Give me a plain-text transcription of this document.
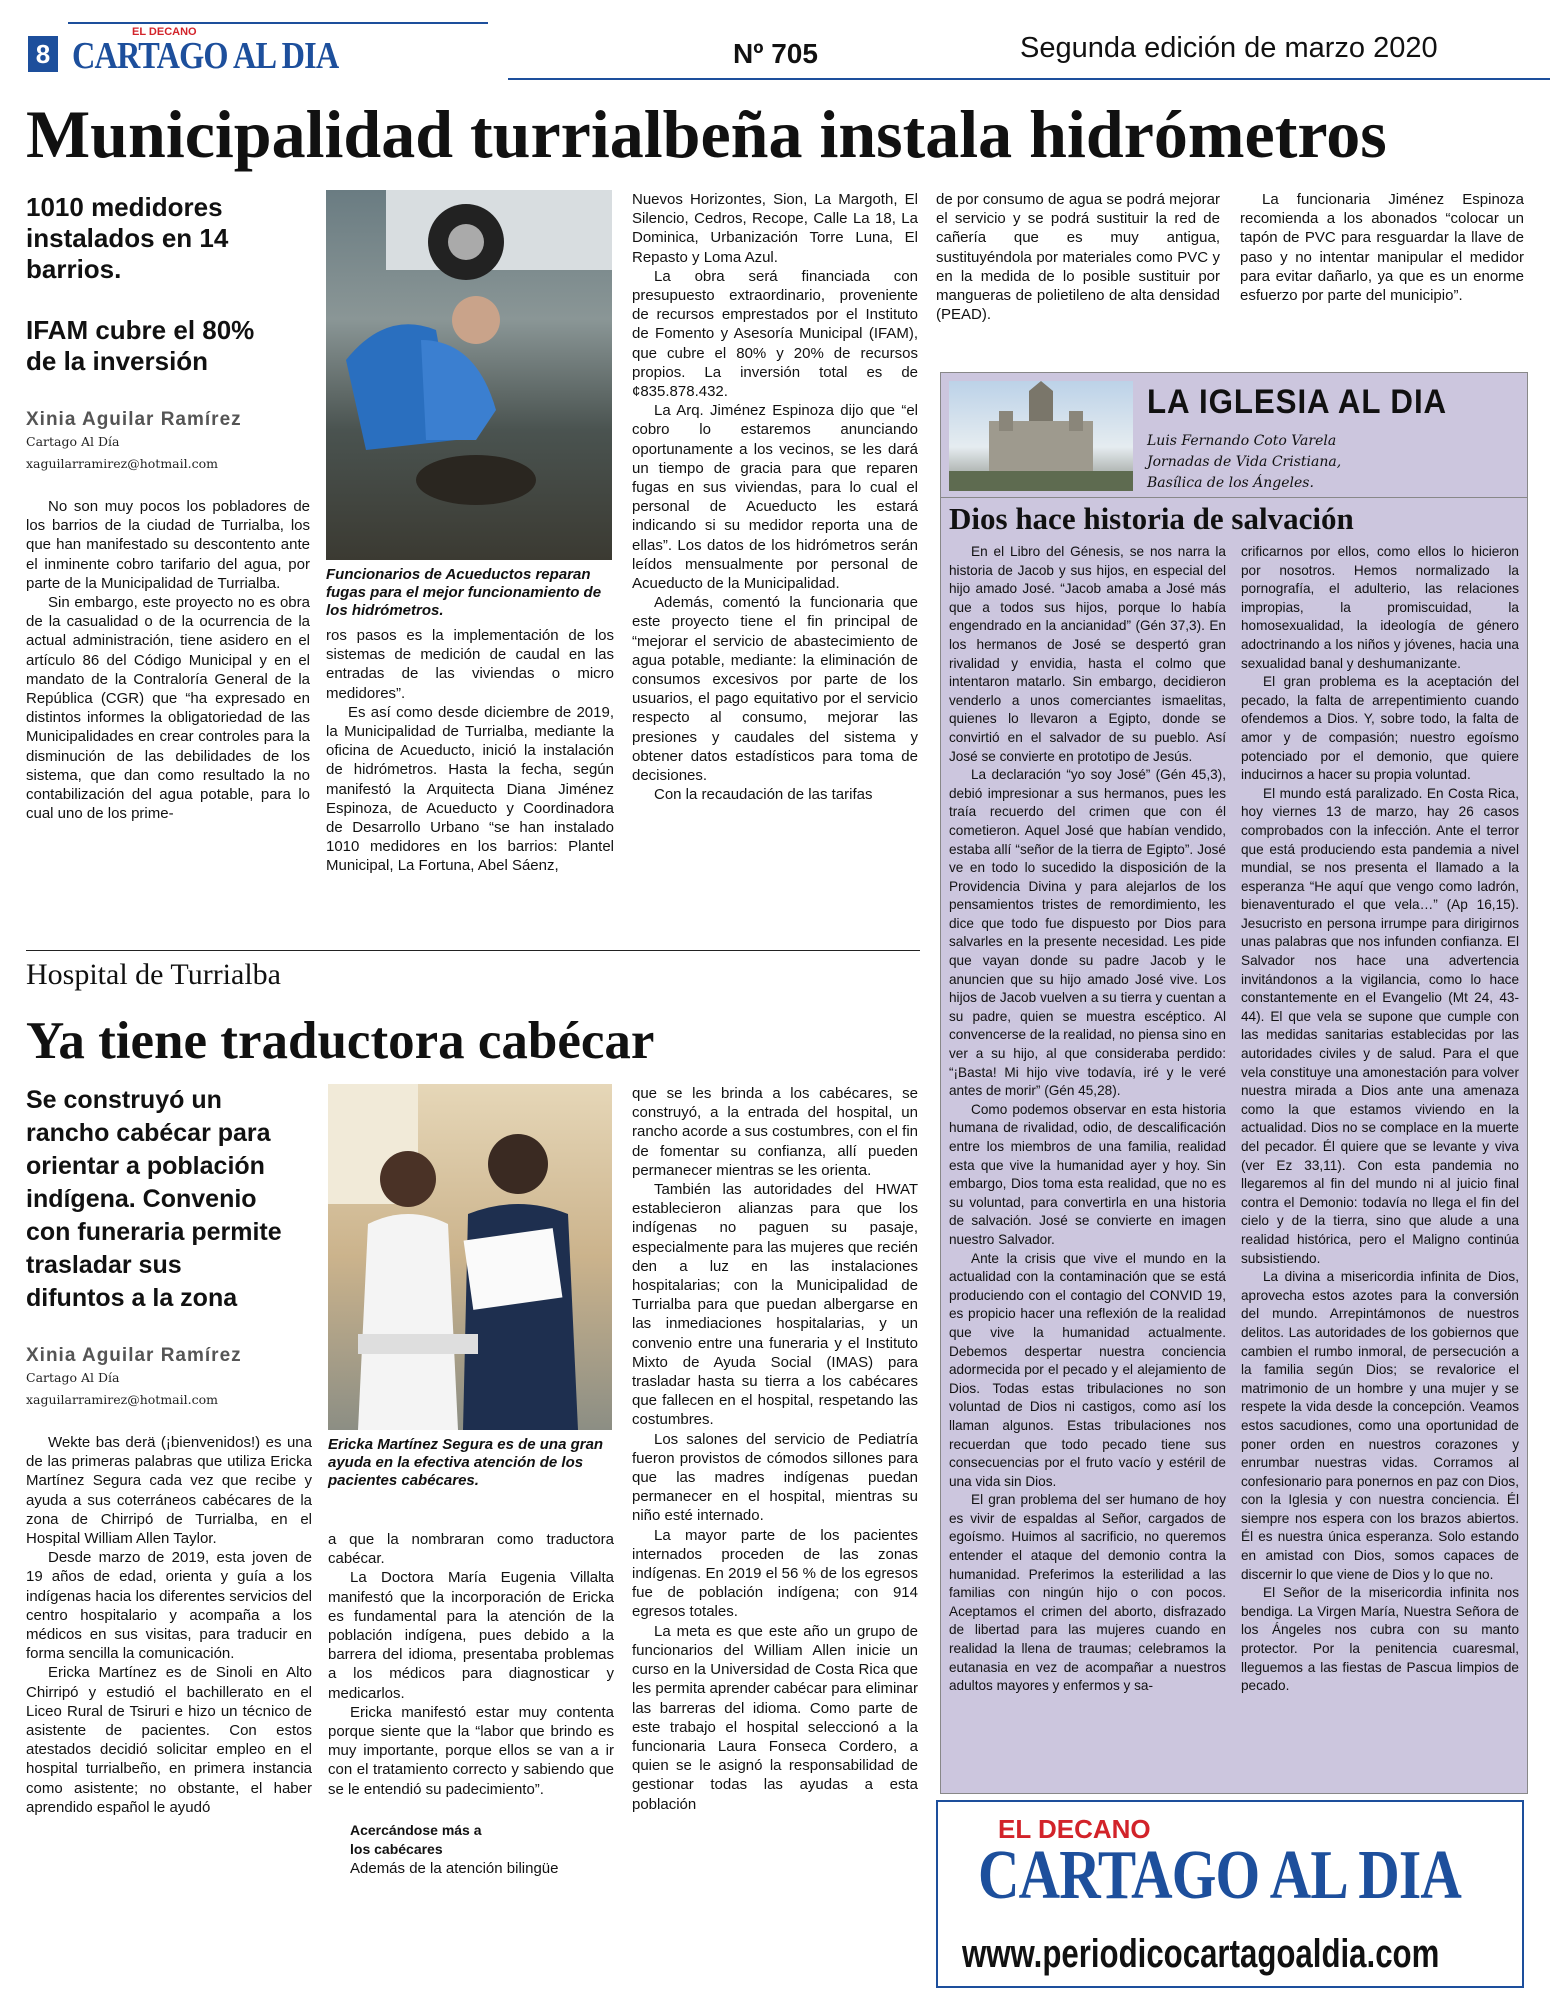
8
EL DECANO
CARTAGO AL DIA	Nº 705	Segunda edición de marzo 2020
Municipalidad turrialbeña instala hidrómetros
1010 medidores instalados en 14 barrios.
IFAM cubre el 80% de la inversión
Xinia Aguilar Ramírez
Cartago Al Día
xaguilarramirez@hotmail.com

No son muy pocos los pobladores de los barrios de la ciudad de Turrialba, los que han manifestado su descontento ante el inminente cobro tarifario del agua, por parte de la Municipalidad de Turrialba.

Sin embargo, este proyecto no es obra de la casualidad o de la ocurrencia de la actual administración, tiene asidero en el artículo 86 del Código Municipal y en el mandato de la Contraloría General de la República (CGR) que “ha expresado en distintos informes la obligatoriedad de las Municipalidades en crear controles para la disminución de las debilidades de los sistema, que dan como resultado la no contabilización del agua potable, para lo cual uno de los prime-

Funcionarios de Acueductos reparan fugas para el mejor funcionamiento de los hidrómetros.

ros pasos es la implementación de los sistemas de medición de caudal en las entradas de las viviendas o micro medidores”.

Es así como desde diciembre de 2019, la Municipalidad de Turrialba, mediante la oficina de Acueducto, inició la instalación de hidrómetros. Hasta la fecha, según manifestó la Arquitecta Diana Jiménez Espinoza, de Acueducto y Coordinadora de Desarrollo Urbano “se han instalado 1010 medidores en los barrios: Plantel Municipal, La Fortuna, Abel Sáenz,

Nuevos Horizontes, Sion, La Margoth, El Silencio, Cedros, Recope, Calle La 18, La Dominica, Urbanización Torre Luna, El Repasto y Loma Azul.

La obra será financiada con presupuesto extraordinario, proveniente de recursos emprestados por el Instituto de Fomento y Asesoría Municipal (IFAM), que cubre el 80% y 20% de recursos propios. La inversión total es de ¢835.878.432.

La Arq. Jiménez Espinoza dijo que “el cobro lo estaremos anunciando oportunamente a los vecinos, se les dará un tiempo de gracia para que reparen fugas en sus viviendas, para lo cual el personal de Acueducto les estará indicando si su medidor reporta una de ellas”. Los datos de los hidrómetros serán leídos mensualmente por personal de Acueducto de la Municipalidad.

Además, comentó la funcionaria que este proyecto tiene el fin principal de “mejorar el servicio de abastecimiento de agua potable, mediante: la eliminación de consumos excesivos por parte de los usuarios, el pago equitativo por el servicio respecto al consumo, mejorar las presiones y caudales del sistema y obtener datos estadísticos para toma de decisiones.

Con la recaudación de las tarifas

de por consumo de agua se podrá mejorar el servicio y se podrá sustituir la red de cañería que es muy antigua, sustituyéndola por materiales como PVC y en la medida de lo posible sustituir por mangueras de polietileno de alta densidad (PEAD).

La funcionaria Jiménez Espinoza recomienda a los abonados “colocar un tapón de PVC para resguardar la llave de paso y no intentar manipular el medidor para evitar dañarlo, ya que es un enorme esfuerzo por parte del municipio”.

Hospital de Turrialba
Ya tiene traductora cabécar
Se construyó un rancho cabécar para orientar a población indígena. Convenio con funeraria permite trasladar sus difuntos a la zona
Xinia Aguilar Ramírez
Cartago Al Día
xaguilarramirez@hotmail.com

Wekte bas derä (¡bienvenidos!) es una de las primeras palabras que utiliza Ericka Martínez Segura cada vez que recibe y ayuda a sus coterráneos cabécares de la zona de Chirripó de Turrialba, en el Hospital William Allen Taylor.

Desde marzo de 2019, esta joven de 19 años de edad, orienta y guía a los indígenas hacia los diferentes servicios del centro hospitalario y acompaña a los médicos en sus visitas, para traducir en forma sencilla la comunicación.

Ericka Martínez es de Sinoli en Alto Chirripó y estudió el bachillerato en el Liceo Rural de Tsiruri e hizo un técnico de asistente de pacientes. Con estos atestados decidió solicitar empleo en el hospital turrialbeño, en primera instancia como asistente; no obstante, el haber aprendido español le ayudó

Ericka Martínez Segura es de una gran ayuda en la efectiva atención de los pacientes cabécares.

a que la nombraran como traductora cabécar.

La Doctora María Eugenia Villalta manifestó que la incorporación de Ericka es fundamental para la atención de la población indígena, pues debido a la barrera del idioma, presentaba problemas a los médicos para diagnosticar y medicarlos.

Ericka manifestó estar muy contenta porque siente que la “labor que brindo es muy importante, porque ellos se van a ir con el tratamiento correcto y sabiendo que se le entendió su padecimiento”.

Acercándose más a los cabécares

Además de la atención bilingüe

que se les brinda a los cabécares, se construyó, a la entrada del hospital, un rancho acorde a sus costumbres, con el fin de fomentar su confianza, allí pueden permanecer mientras se les orienta.

También las autoridades del HWAT establecieron alianzas para que los indígenas no paguen su pasaje, especialmente para las mujeres que recién den a luz en las instalaciones hospitalarias; con la Municipalidad de Turrialba para que puedan albergarse en las inmediaciones hospitalarias, y un convenio entre una funeraria y el Instituto Mixto de Ayuda Social (IMAS) para trasladar hasta su tierra a los cabécares que fallecen en el hospital, respetando las costumbres.

Los salones del servicio de Pediatría fueron provistos de cómodos sillones para que las madres indígenas puedan permanecer en el hospital, mientras su niño esté internado.

La mayor parte de los pacientes internados proceden de las zonas indígenas. En 2019 el 56 % de los egresos fue de población indígena; con 914 egresos totales.

La meta es que este año un grupo de funcionarios del William Allen inicie un curso en la Universidad de Costa Rica que les permita aprender cabécar para eliminar las barreras del idioma. Como parte de este trabajo el hospital seleccionó a la funcionaria Laura Fonseca Cordero, a quien se le asignó la responsabilidad de gestionar todas las ayudas a esta población

LA IGLESIA AL DIA
Luis Fernando Coto Varela
Jornadas de Vida Cristiana,
Basílica de los Ángeles.
Dios hace historia de salvación

En el Libro del Génesis, se nos narra la historia de Jacob y sus hijos, en especial del hijo amado José. “Jacob amaba a José más que a todos sus hijos, porque lo había engendrado en la ancianidad” (Gén 37,3). En los hermanos de José se despertó gran rivalidad y envidia, hasta el colmo que intentaron matarlo. Sin embargo, decidieron venderlo a unos comerciantes ismaelitas, quienes lo llevaron a Egipto, donde se convirtió en el salvador de su pueblo. Así José se convierte en prototipo de Jesús.

La declaración “yo soy José” (Gén 45,3), debió impresionar a sus hermanos, pues les traía recuerdo del crimen que con él cometieron. Aquel José que habían vendido, estaba allí “señor de la tierra de Egipto”. José ve en todo lo sucedido la disposición de la Providencia Divina y para alejarlos de los pensamientos tristes de remordimiento, les dice que todo fue dispuesto por Dios para salvarles en la presente necesidad. Les pide que vayan donde su padre Jacob y le anuncien que su hijo amado José vive. Los hijos de Jacob vuelven a su tierra y cuentan a su padre, quien se muestra escéptico. Al convencerse de la realidad, no piensa sino en ver a su hijo, al que consideraba perdido: “¡Basta! Mi hijo vive todavía, iré y le veré antes de morir” (Gén 45,28).

Como podemos observar en esta historia humana de rivalidad, odio, de descalificación entre los miembros de una familia, realidad esta que vive la humanidad ayer y hoy. Sin embargo, Dios toma esta realidad, que no es su voluntad, para convertirla en una historia de salvación. José se convierte en imagen nuestro Salvador.

Ante la crisis que vive el mundo en la actualidad con la contaminación que se está produciendo con el contagio del CONVID 19, es propicio hacer una reflexión de la realidad que vive la humanidad actualmente. Debemos despertar nuestra conciencia adormecida por el pecado y el alejamiento de Dios. Todas estas tribulaciones no son voluntad de Dios ni castigos, como así los llaman algunos. Estas tribulaciones nos recuerdan que todo pecado tiene sus consecuencias por el fruto vacío y estéril de una vida sin Dios.

El gran problema del ser humano de hoy es vivir de espaldas al Señor, cargados de egoísmo. Huimos al sacrificio, no queremos entender el ataque del demonio contra la humanidad. Preferimos la esterilidad a las familias con ningún hijo o con pocos. Aceptamos el crimen del aborto, disfrazado de libertad para las mujeres cuando en realidad la llena de traumas; celebramos la eutanasia en vez de acompañar a nuestros adultos mayores y enfermos y sa-

crificarnos por ellos, como ellos lo hicieron por nosotros. Hemos normalizado la pornografía, el adulterio, las relaciones impropias, la promiscuidad, la homosexualidad, la ideología de género adoctrinando a los niños y jóvenes, hacia una sexualidad banal y deshumanizante.

El gran problema es la aceptación del pecado, la falta de arrepentimiento cuando ofendemos a Dios. Y, sobre todo, la falta de amor y de compasión; nuestro egoísmo potenciado por el demonio, que quiere inducirnos a hacer su propia voluntad.

El mundo está paralizado. En Costa Rica, hoy viernes 13 de marzo, hay 26 casos comprobados con la infección. Ante el terror que está produciendo esta pandemia a nivel mundial, se nos presenta el llamado a la esperanza “He aquí que vengo como ladrón, bienaventurado el que vela…” (Ap 16,15). Jesucristo en persona irrumpe para dirigirnos unas palabras que nos infunden confianza. El Salvador nos hace una advertencia invitándonos a la vigilancia, como lo hace constantemente en el Evangelio (Mt 24, 43-44). El que vela se supone que cumple con las medidas sanitarias establecidas por las autoridades civiles y de salud. Para el que vela constituye una amonestación para volver nuestra mirada a Dios ante una amenaza como la que estamos viviendo en la actualidad. Dios no se complace en la muerte del pecador. Él quiere que se levante y viva (ver Ez 33,11). Con esta pandemia no llegaremos al fin del mundo ni al juicio final contra el Demonio: todavía no llega el fin del cielo y de la tierra, sino que alude a una realidad histórica, pero el Maligno continúa subsistiendo.

La divina a misericordia infinita de Dios, aprovecha estos azotes para la conversión del mundo. Arrepintámonos de nuestros delitos. Las autoridades de los gobiernos que cambien el rumbo inmoral, de persecución a la familia según Dios; se revalorice el matrimonio de un hombre y una mujer y se respete la vida desde la concepción. Veamos estos sacudiones, como una oportunidad de poner orden en nuestros corazones y enrumbar nuestras vidas. Corramos al confesionario para ponernos en paz con Dios, con la Iglesia y con nuestra conciencia. Él siempre nos espera con los brazos abiertos. Él es nuestra única esperanza. Solo estando en amistad con Dios, somos capaces de discernir lo que viene de Dios y lo que no.

El Señor de la misericordia infinita nos bendiga. La Virgen María, Nuestra Señora de los Ángeles nos cubra con su manto protector. Por la penitencia cuaresmal, lleguemos a las fiestas de Pascua limpios de pecado.

EL DECANO
CARTAGO AL DIA
www.periodicocartagoaldia.com
